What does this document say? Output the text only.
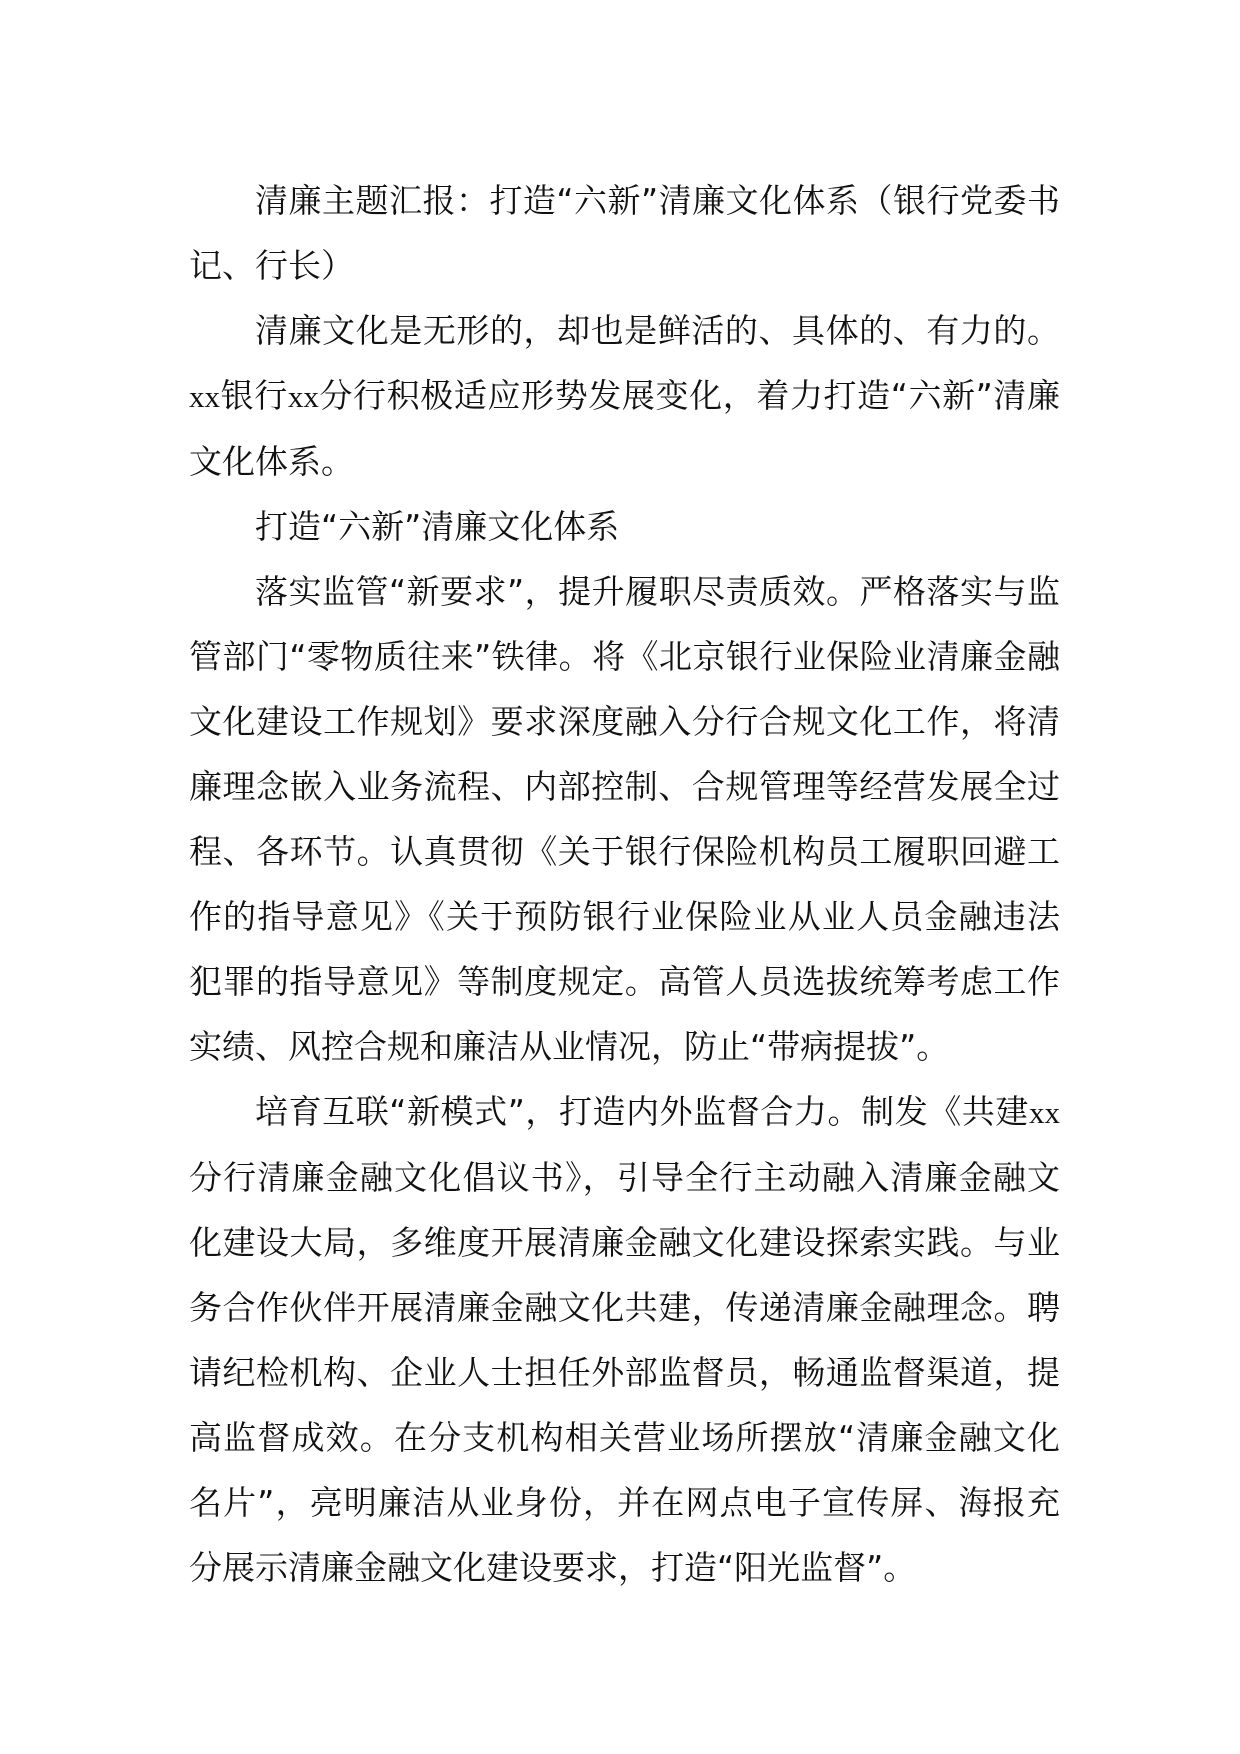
清廉主题汇报：打造“六新”清廉文化体系（银行党委书记、行长）

清廉文化是无形的，却也是鲜活的、具体的、有力的。xx银行xx分行积极适应形势发展变化，着力打造“六新”清廉文化体系。

打造“六新”清廉文化体系

落实监管“新要求”，提升履职尽责质效。严格落实与监管部门“零物质往来”铁律。将《北京银行业保险业清廉金融文化建设工作规划》要求深度融入分行合规文化工作，将清廉理念嵌入业务流程、内部控制、合规管理等经营发展全过程、各环节。认真贯彻《关于银行保险机构员工履职回避工作的指导意见》《关于预防银行业保险业从业人员金融违法犯罪的指导意见》等制度规定。高管人员选拔统筹考虑工作实绩、风控合规和廉洁从业情况，防止“带病提拔”。

培育互联“新模式”，打造内外监督合力。制发《共建xx分行清廉金融文化倡议书》，引导全行主动融入清廉金融文化建设大局，多维度开展清廉金融文化建设探索实践。与业务合作伙伴开展清廉金融文化共建，传递清廉金融理念。聘请纪检机构、企业人士担任外部监督员，畅通监督渠道，提高监督成效。在分支机构相关营业场所摆放“清廉金融文化名片”，亮明廉洁从业身份，并在网点电子宣传屏、海报充分展示清廉金融文化建设要求，打造“阳光监督”。
